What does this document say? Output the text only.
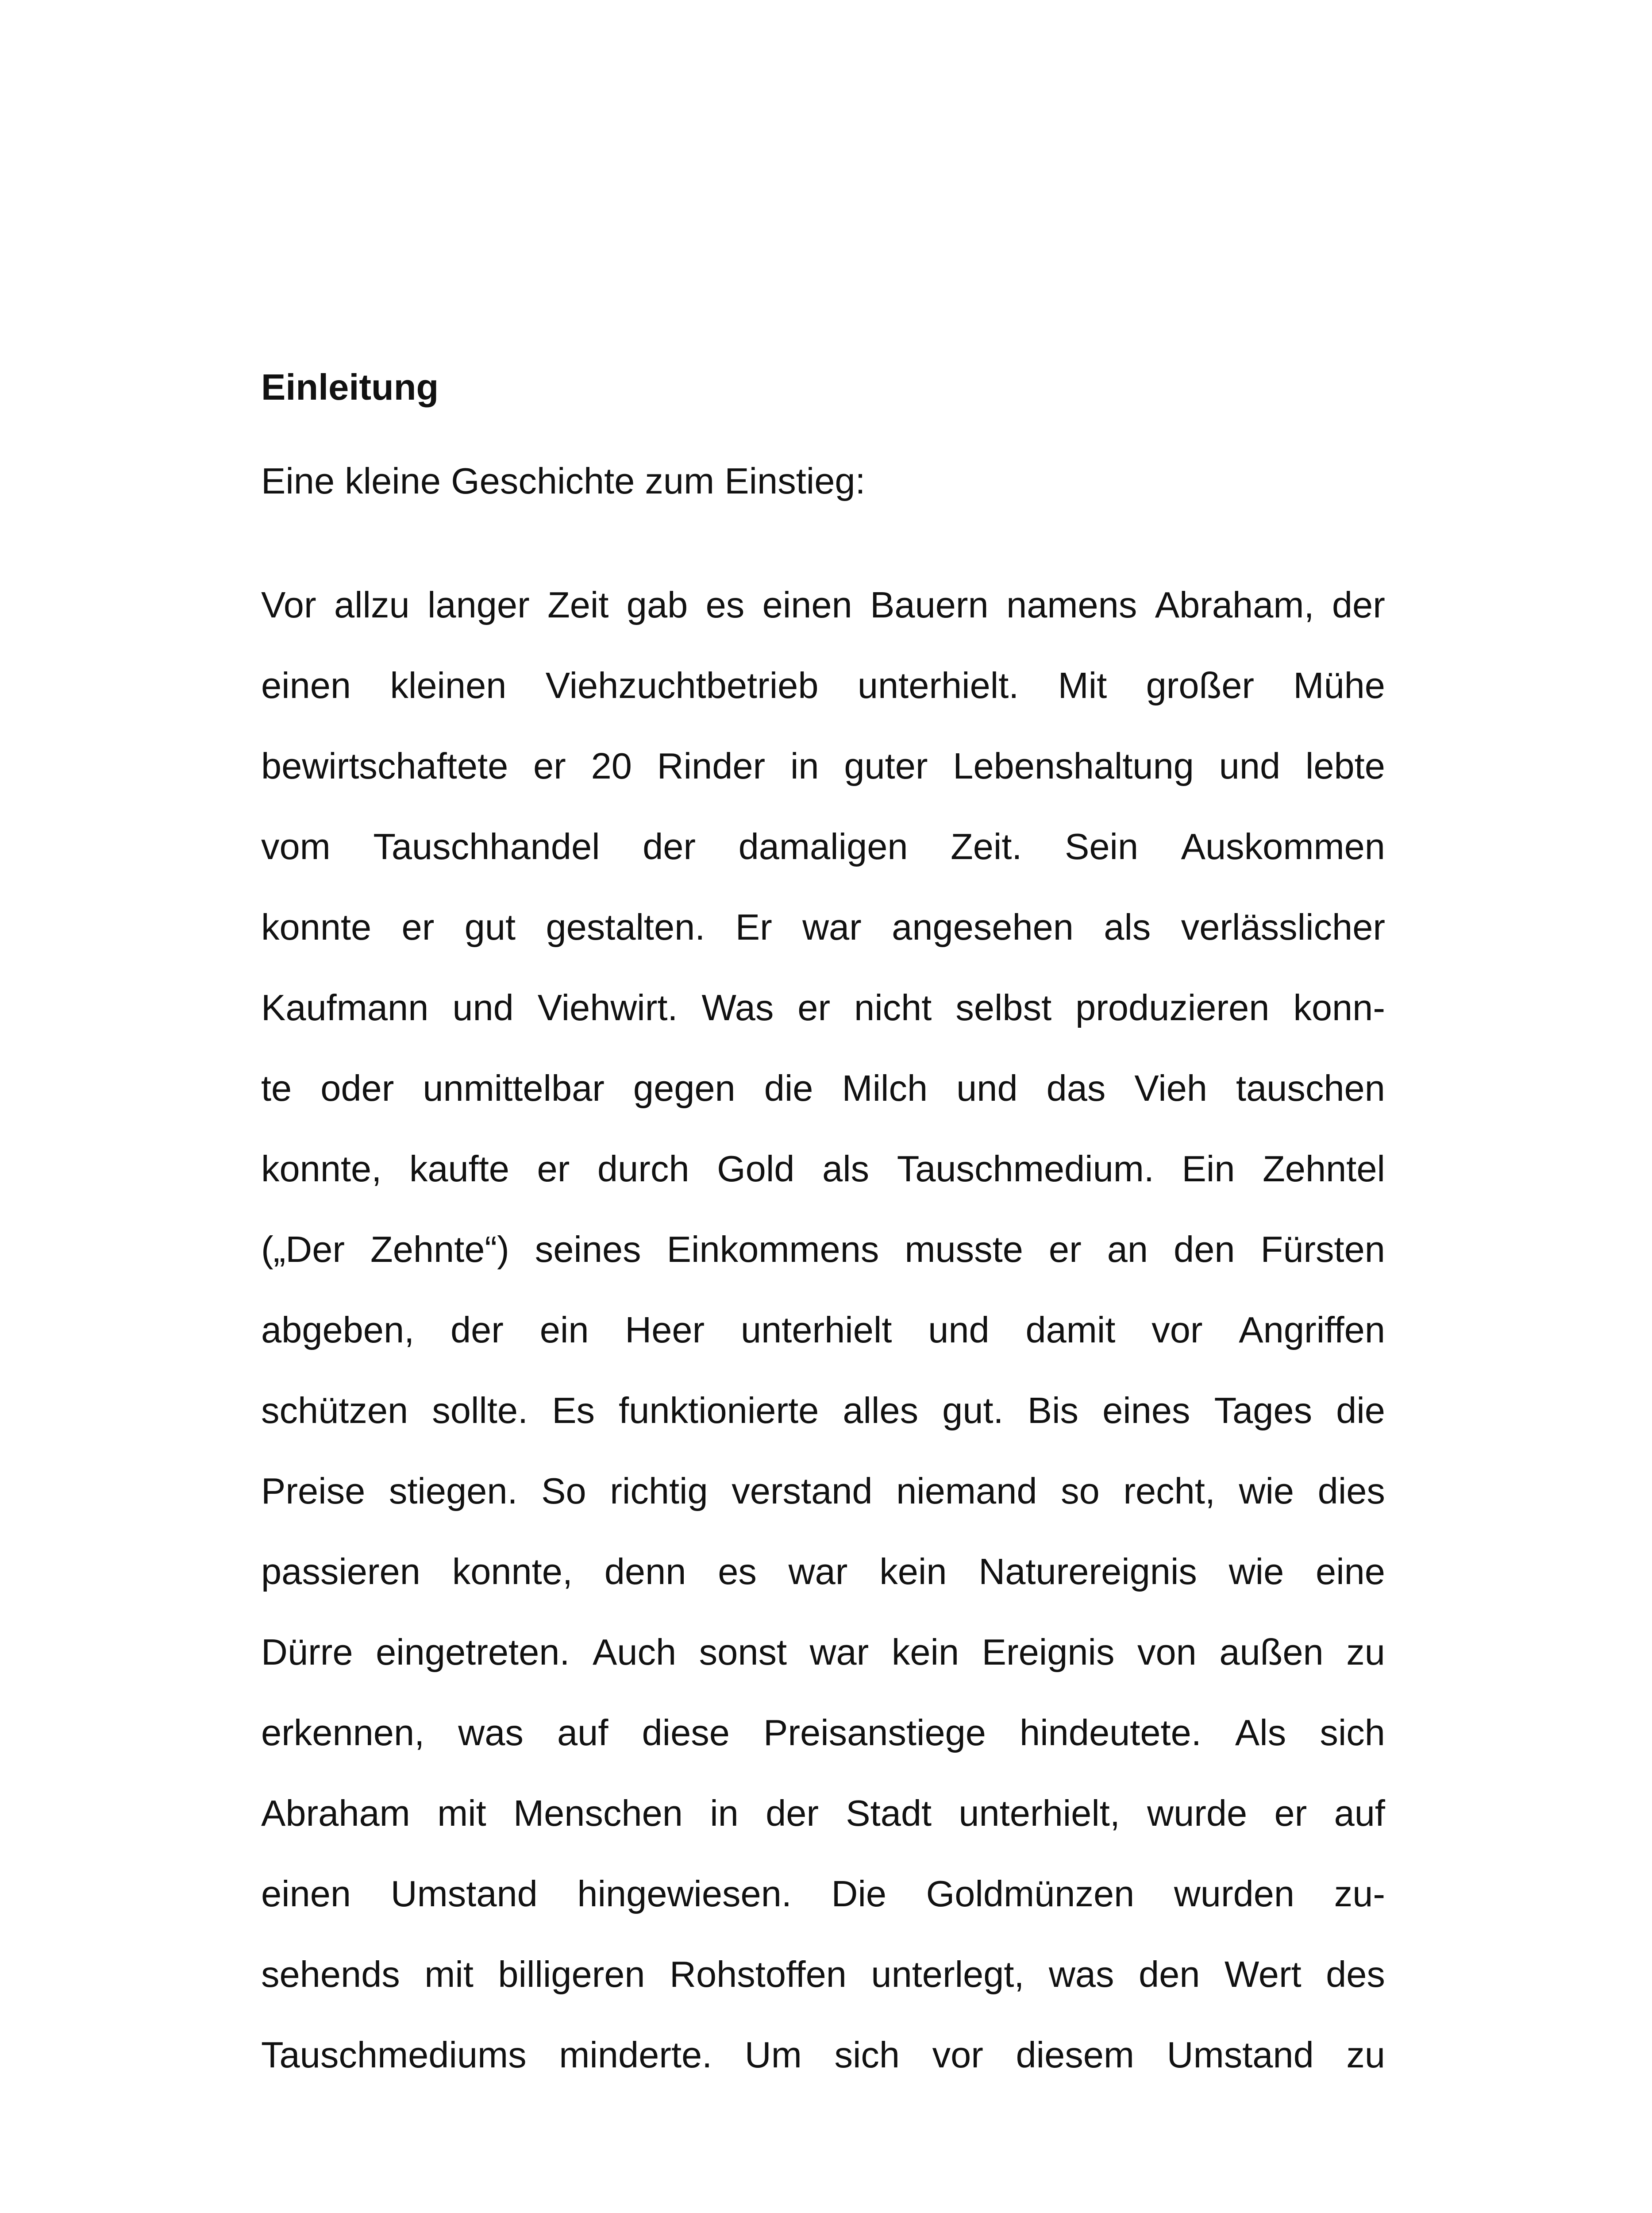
Einleitung

Eine kleine Geschichte zum Einstieg:

Vor allzu langer Zeit gab es einen Bauern namens Abraham, der
einen kleinen Viehzuchtbetrieb unterhielt. Mit großer Mühe
bewirtschaftete er 20 Rinder in guter Lebenshaltung und lebte
vom Tauschhandel der damaligen Zeit. Sein Auskommen
konnte er gut gestalten. Er war angesehen als verlässlicher
Kaufmann und Viehwirt. Was er nicht selbst produzieren konn-
te oder unmittelbar gegen die Milch und das Vieh tauschen
konnte, kaufte er durch Gold als Tauschmedium. Ein Zehntel
(„Der Zehnte“) seines Einkommens musste er an den Fürsten
abgeben, der ein Heer unterhielt und damit vor Angriffen
schützen sollte. Es funktionierte alles gut. Bis eines Tages die
Preise stiegen. So richtig verstand niemand so recht, wie dies
passieren konnte, denn es war kein Naturereignis wie eine
Dürre eingetreten. Auch sonst war kein Ereignis von außen zu
erkennen, was auf diese Preisanstiege hindeutete. Als sich
Abraham mit Menschen in der Stadt unterhielt, wurde er auf
einen Umstand hingewiesen. Die Goldmünzen wurden zu-
sehends mit billigeren Rohstoffen unterlegt, was den Wert des
Tauschmediums minderte. Um sich vor diesem Umstand zu
